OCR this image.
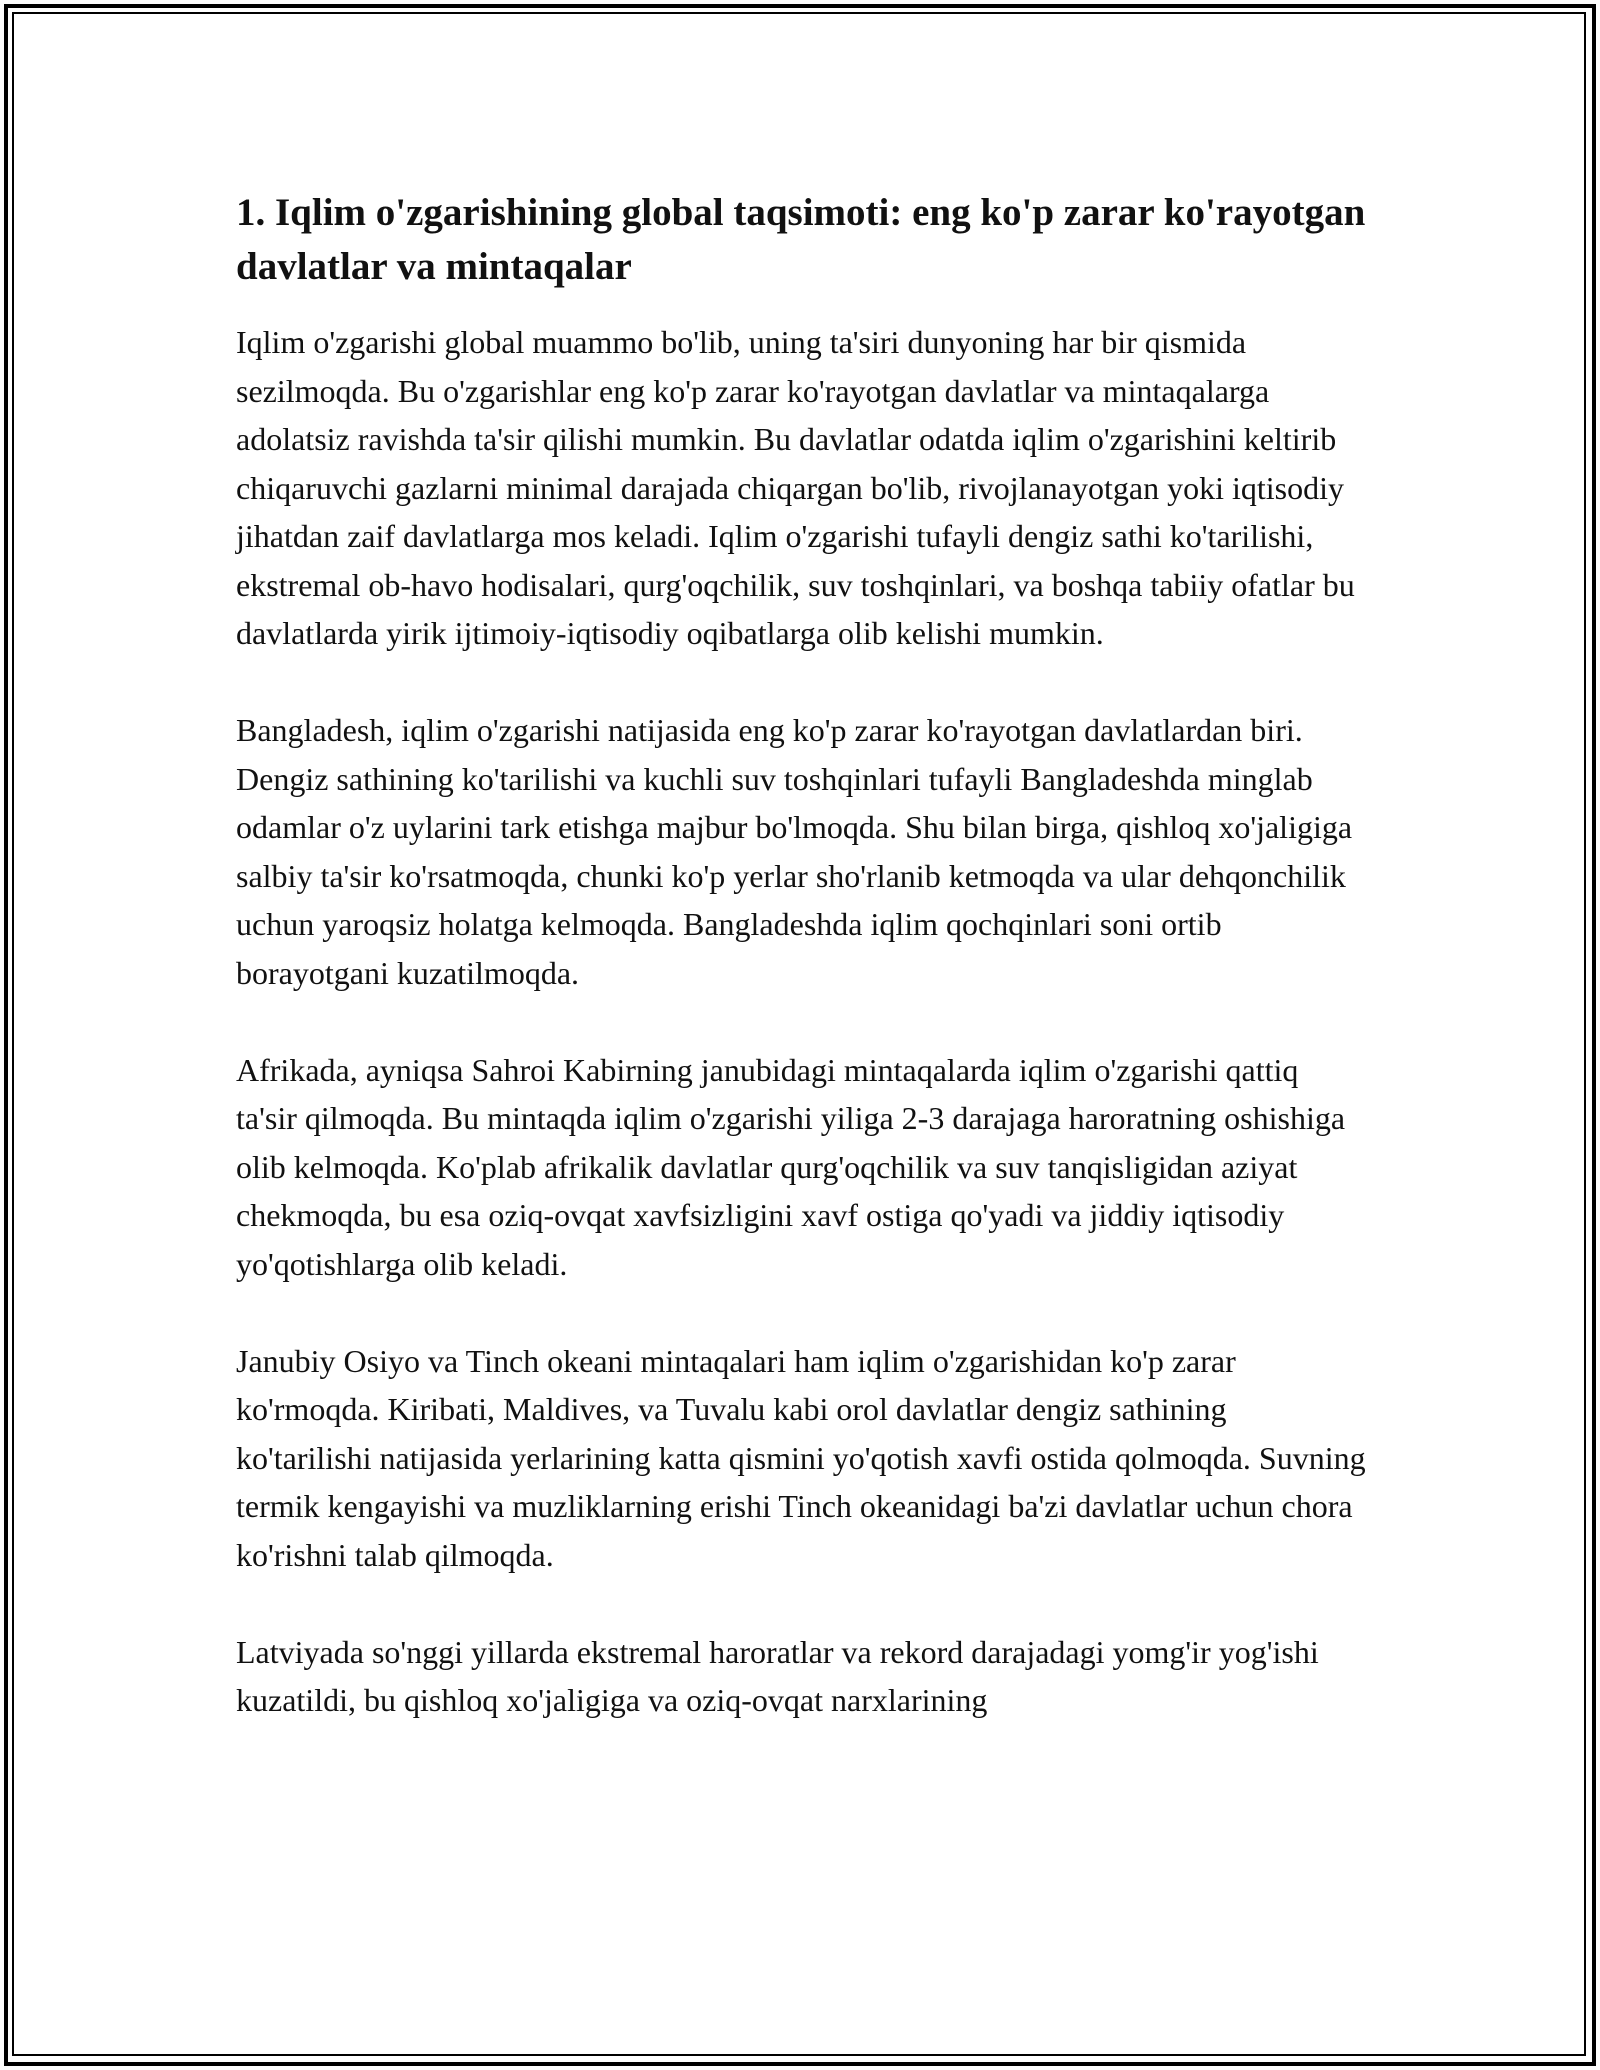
1. Iqlim o'zgarishining global taqsimoti: eng ko'p zarar ko'rayotgan davlatlar va mintaqalar

Iqlim o'zgarishi global muammo bo'lib, uning ta'siri dunyoning har bir qismida sezilmoqda. Bu o'zgarishlar eng ko'p zarar ko'rayotgan davlatlar va mintaqalarga adolatsiz ravishda ta'sir qilishi mumkin. Bu davlatlar odatda iqlim o'zgarishini keltirib chiqaruvchi gazlarni minimal darajada chiqargan bo'lib, rivojlanayotgan yoki iqtisodiy jihatdan zaif davlatlarga mos keladi. Iqlim o'zgarishi tufayli dengiz sathi ko'tarilishi, ekstremal ob-havo hodisalari, qurg'oqchilik, suv toshqinlari, va boshqa tabiiy ofatlar bu davlatlarda yirik ijtimoiy-iqtisodiy oqibatlarga olib kelishi mumkin.

Bangladesh, iqlim o'zgarishi natijasida eng ko'p zarar ko'rayotgan davlatlardan biri. Dengiz sathining ko'tarilishi va kuchli suv toshqinlari tufayli Bangladeshda minglab odamlar o'z uylarini tark etishga majbur bo'lmoqda. Shu bilan birga, qishloq xo'jaligiga salbiy ta'sir ko'rsatmoqda, chunki ko'p yerlar sho'rlanib ketmoqda va ular dehqonchilik uchun yaroqsiz holatga kelmoqda. Bangladeshda iqlim qochqinlari soni ortib borayotgani kuzatilmoqda.

Afrikada, ayniqsa Sahroi Kabirning janubidagi mintaqalarda iqlim o'zgarishi qattiq ta'sir qilmoqda. Bu mintaqda iqlim o'zgarishi yiliga 2-3 darajaga haroratning oshishiga olib kelmoqda. Ko'plab afrikalik davlatlar qurg'oqchilik va suv tanqisligidan aziyat chekmoqda, bu esa oziq-ovqat xavfsizligini xavf ostiga qo'yadi va jiddiy iqtisodiy yo'qotishlarga olib keladi.

Janubiy Osiyo va Tinch okeani mintaqalari ham iqlim o'zgarishidan ko'p zarar ko'rmoqda. Kiribati, Maldives, va Tuvalu kabi orol davlatlar dengiz sathining ko'tarilishi natijasida yerlarining katta qismini yo'qotish xavfi ostida qolmoqda. Suvning termik kengayishi va muzliklarning erishi Tinch okeanidagi ba'zi davlatlar uchun chora ko'rishni talab qilmoqda.

Latviyada so'nggi yillarda ekstremal haroratlar va rekord darajadagi yomg'ir yog'ishi kuzatildi, bu qishloq xo'jaligiga va oziq-ovqat narxlarining
